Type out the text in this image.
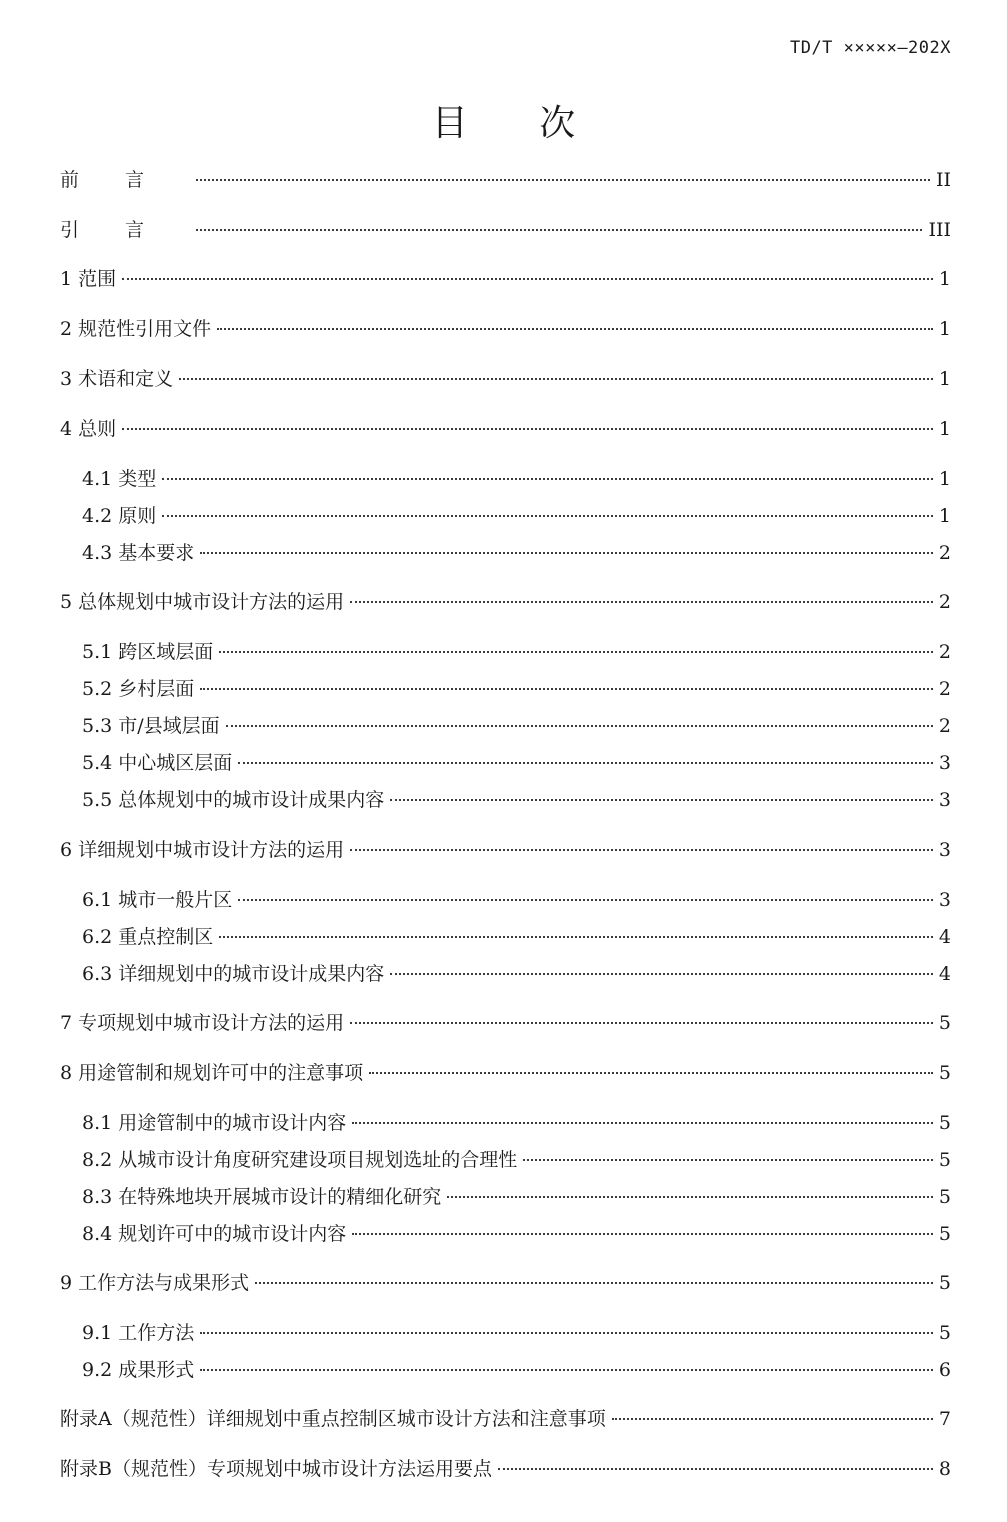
TD/T ×××××—202X
目 次
前言	II
引言	III
1 范围	1
2 规范性引用文件	1
3 术语和定义	1
4 总则	1
4.1 类型	1
4.2 原则	1
4.3 基本要求	2
5 总体规划中城市设计方法的运用	2
5.1 跨区域层面	2
5.2 乡村层面	2
5.3 市/县域层面	2
5.4 中心城区层面	3
5.5 总体规划中的城市设计成果内容	3
6 详细规划中城市设计方法的运用	3
6.1 城市一般片区	3
6.2 重点控制区	4
6.3 详细规划中的城市设计成果内容	4
7 专项规划中城市设计方法的运用	5
8 用途管制和规划许可中的注意事项	5
8.1 用途管制中的城市设计内容	5
8.2 从城市设计角度研究建设项目规划选址的合理性	5
8.3 在特殊地块开展城市设计的精细化研究	5
8.4 规划许可中的城市设计内容	5
9 工作方法与成果形式	5
9.1 工作方法	5
9.2 成果形式	6
附录A（规范性）详细规划中重点控制区城市设计方法和注意事项	7
附录B（规范性）专项规划中城市设计方法运用要点	8
